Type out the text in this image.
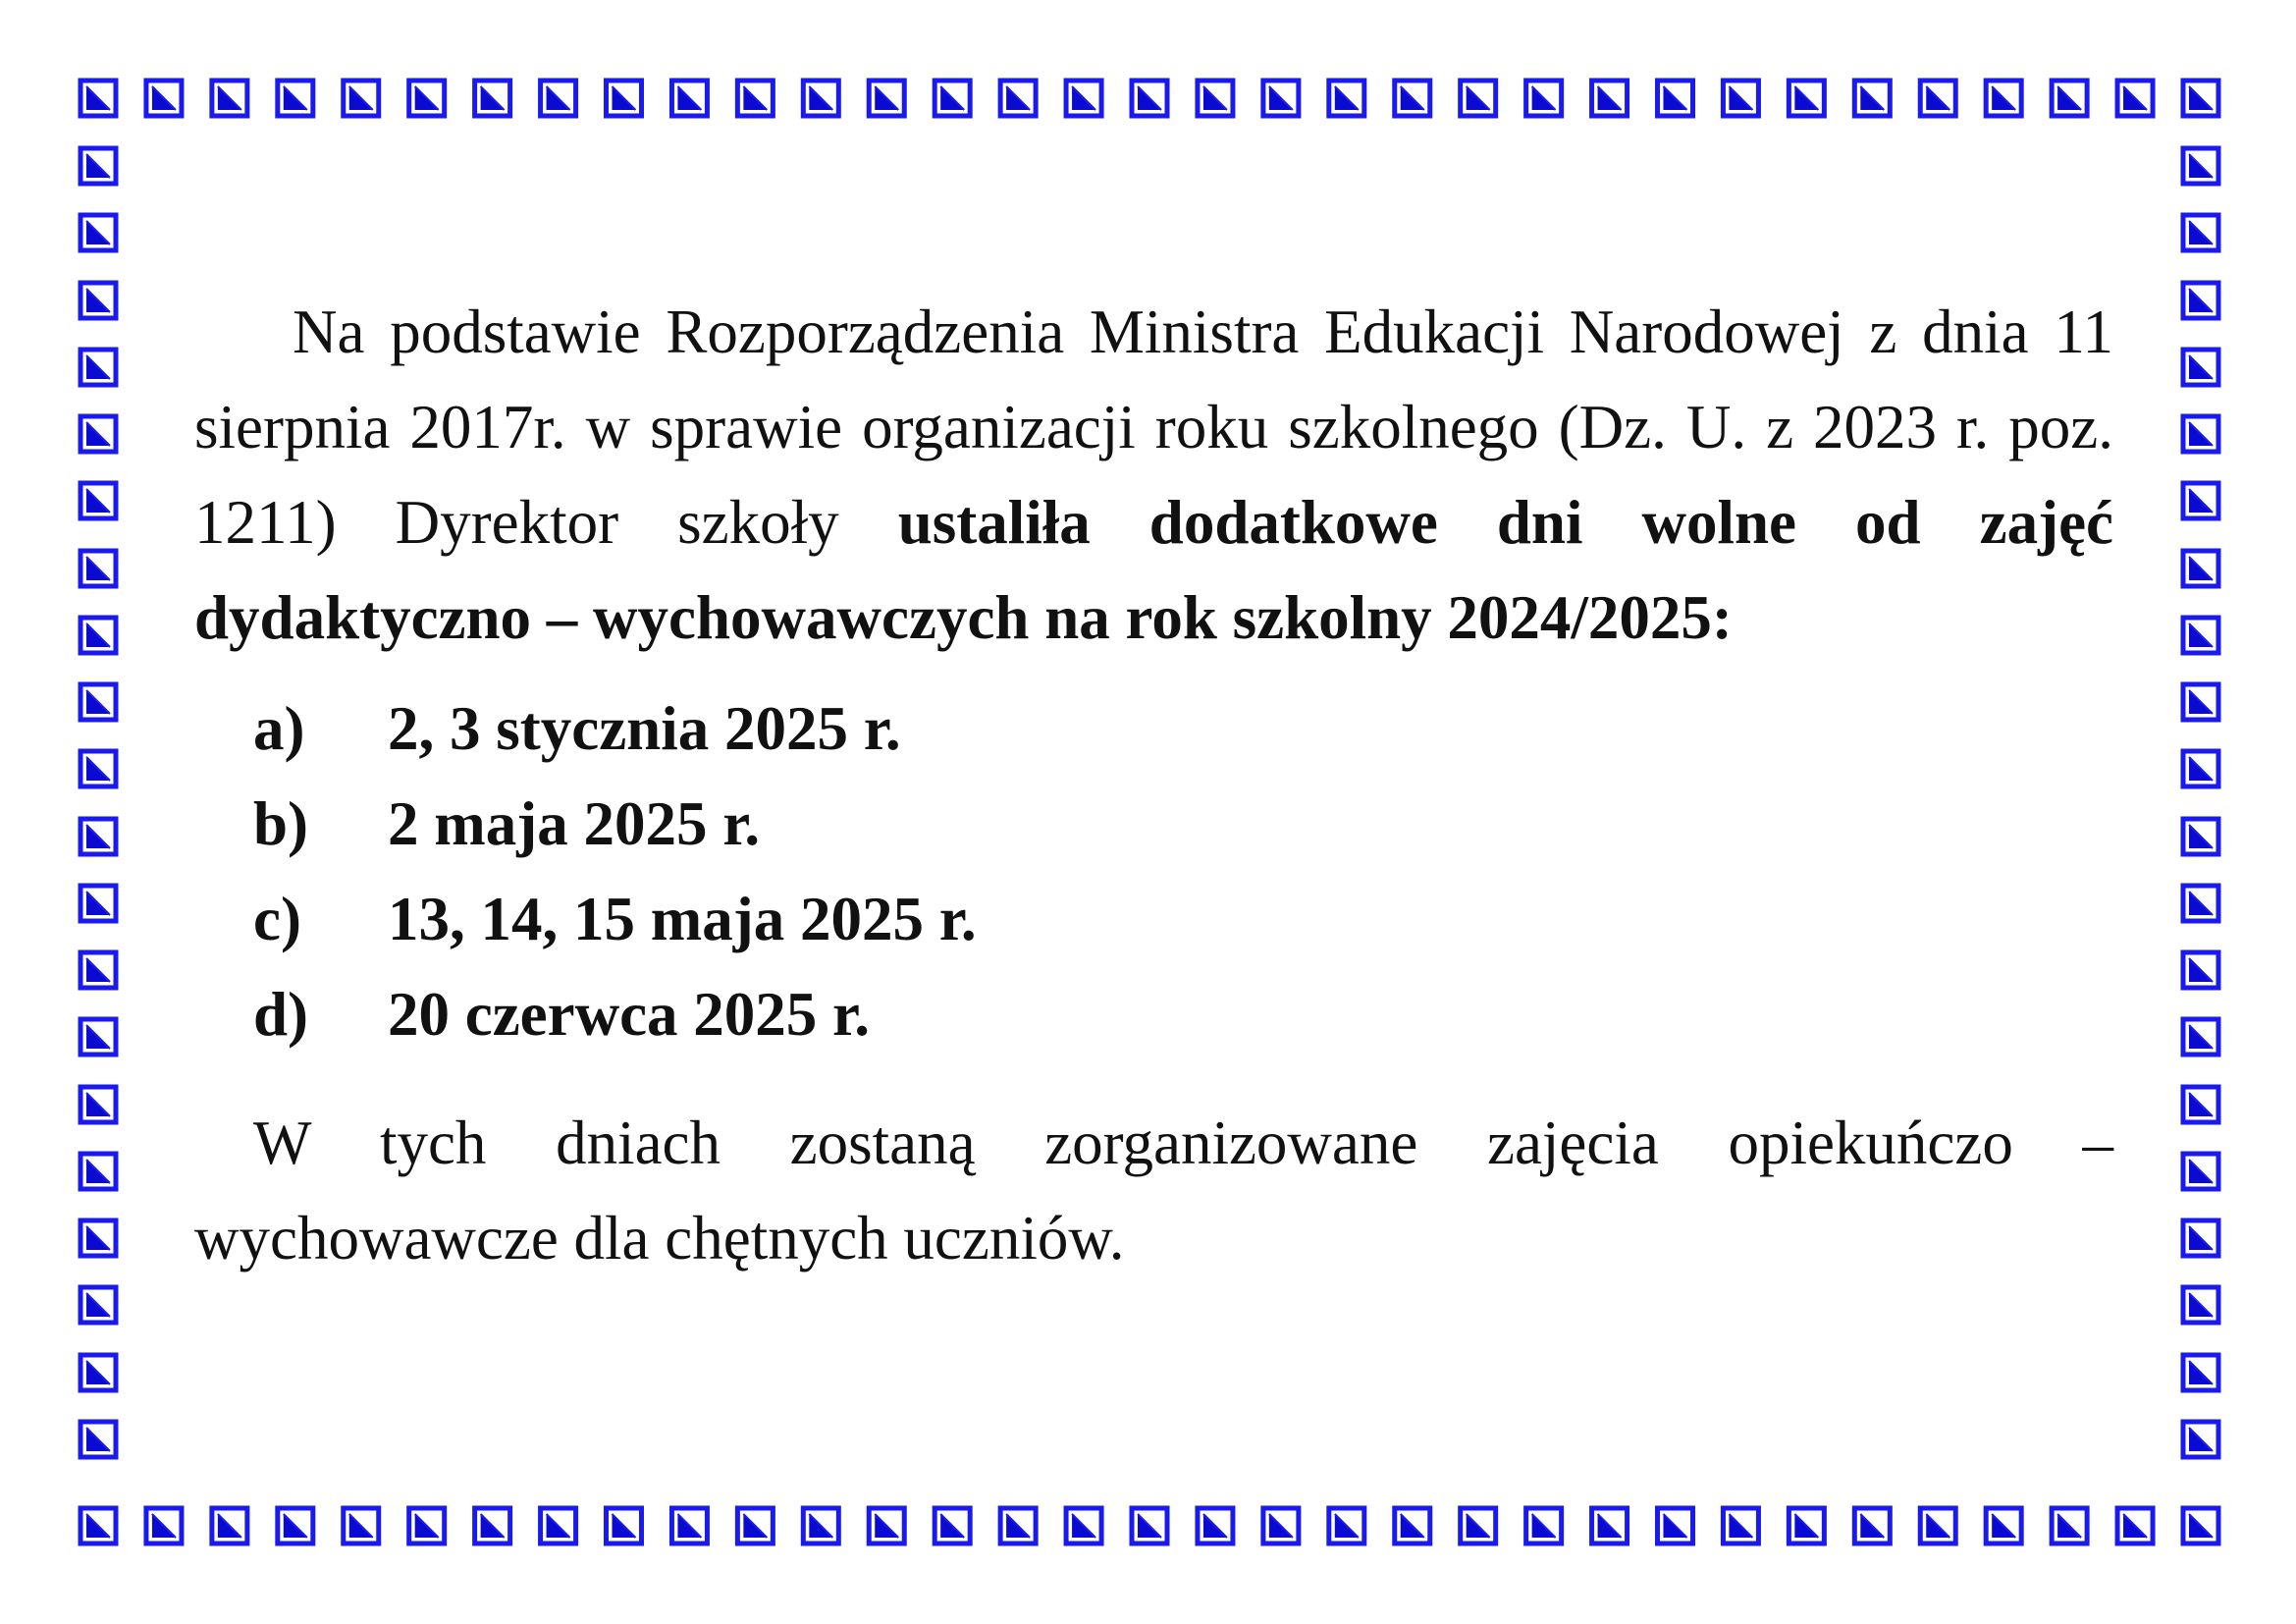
Na podstawie Rozporządzenia Ministra Edukacji Narodowej z dnia 11 sierpnia 2017r. w sprawie organizacji roku szkolnego (Dz. U. z 2023 r. poz. 1211) Dyrektor szkoły ustaliła dodatkowe dni wolne od zajęć dydaktyczno – wychowawczych na rok szkolny 2024/2025:

a)	2, 3 stycznia 2025 r.
b)	2 maja 2025 r.
c)	13, 14, 15 maja 2025 r.
d)	20 czerwca 2025 r.

W tych dniach zostaną zorganizowane zajęcia opiekuńczo – wychowawcze dla chętnych uczniów.
